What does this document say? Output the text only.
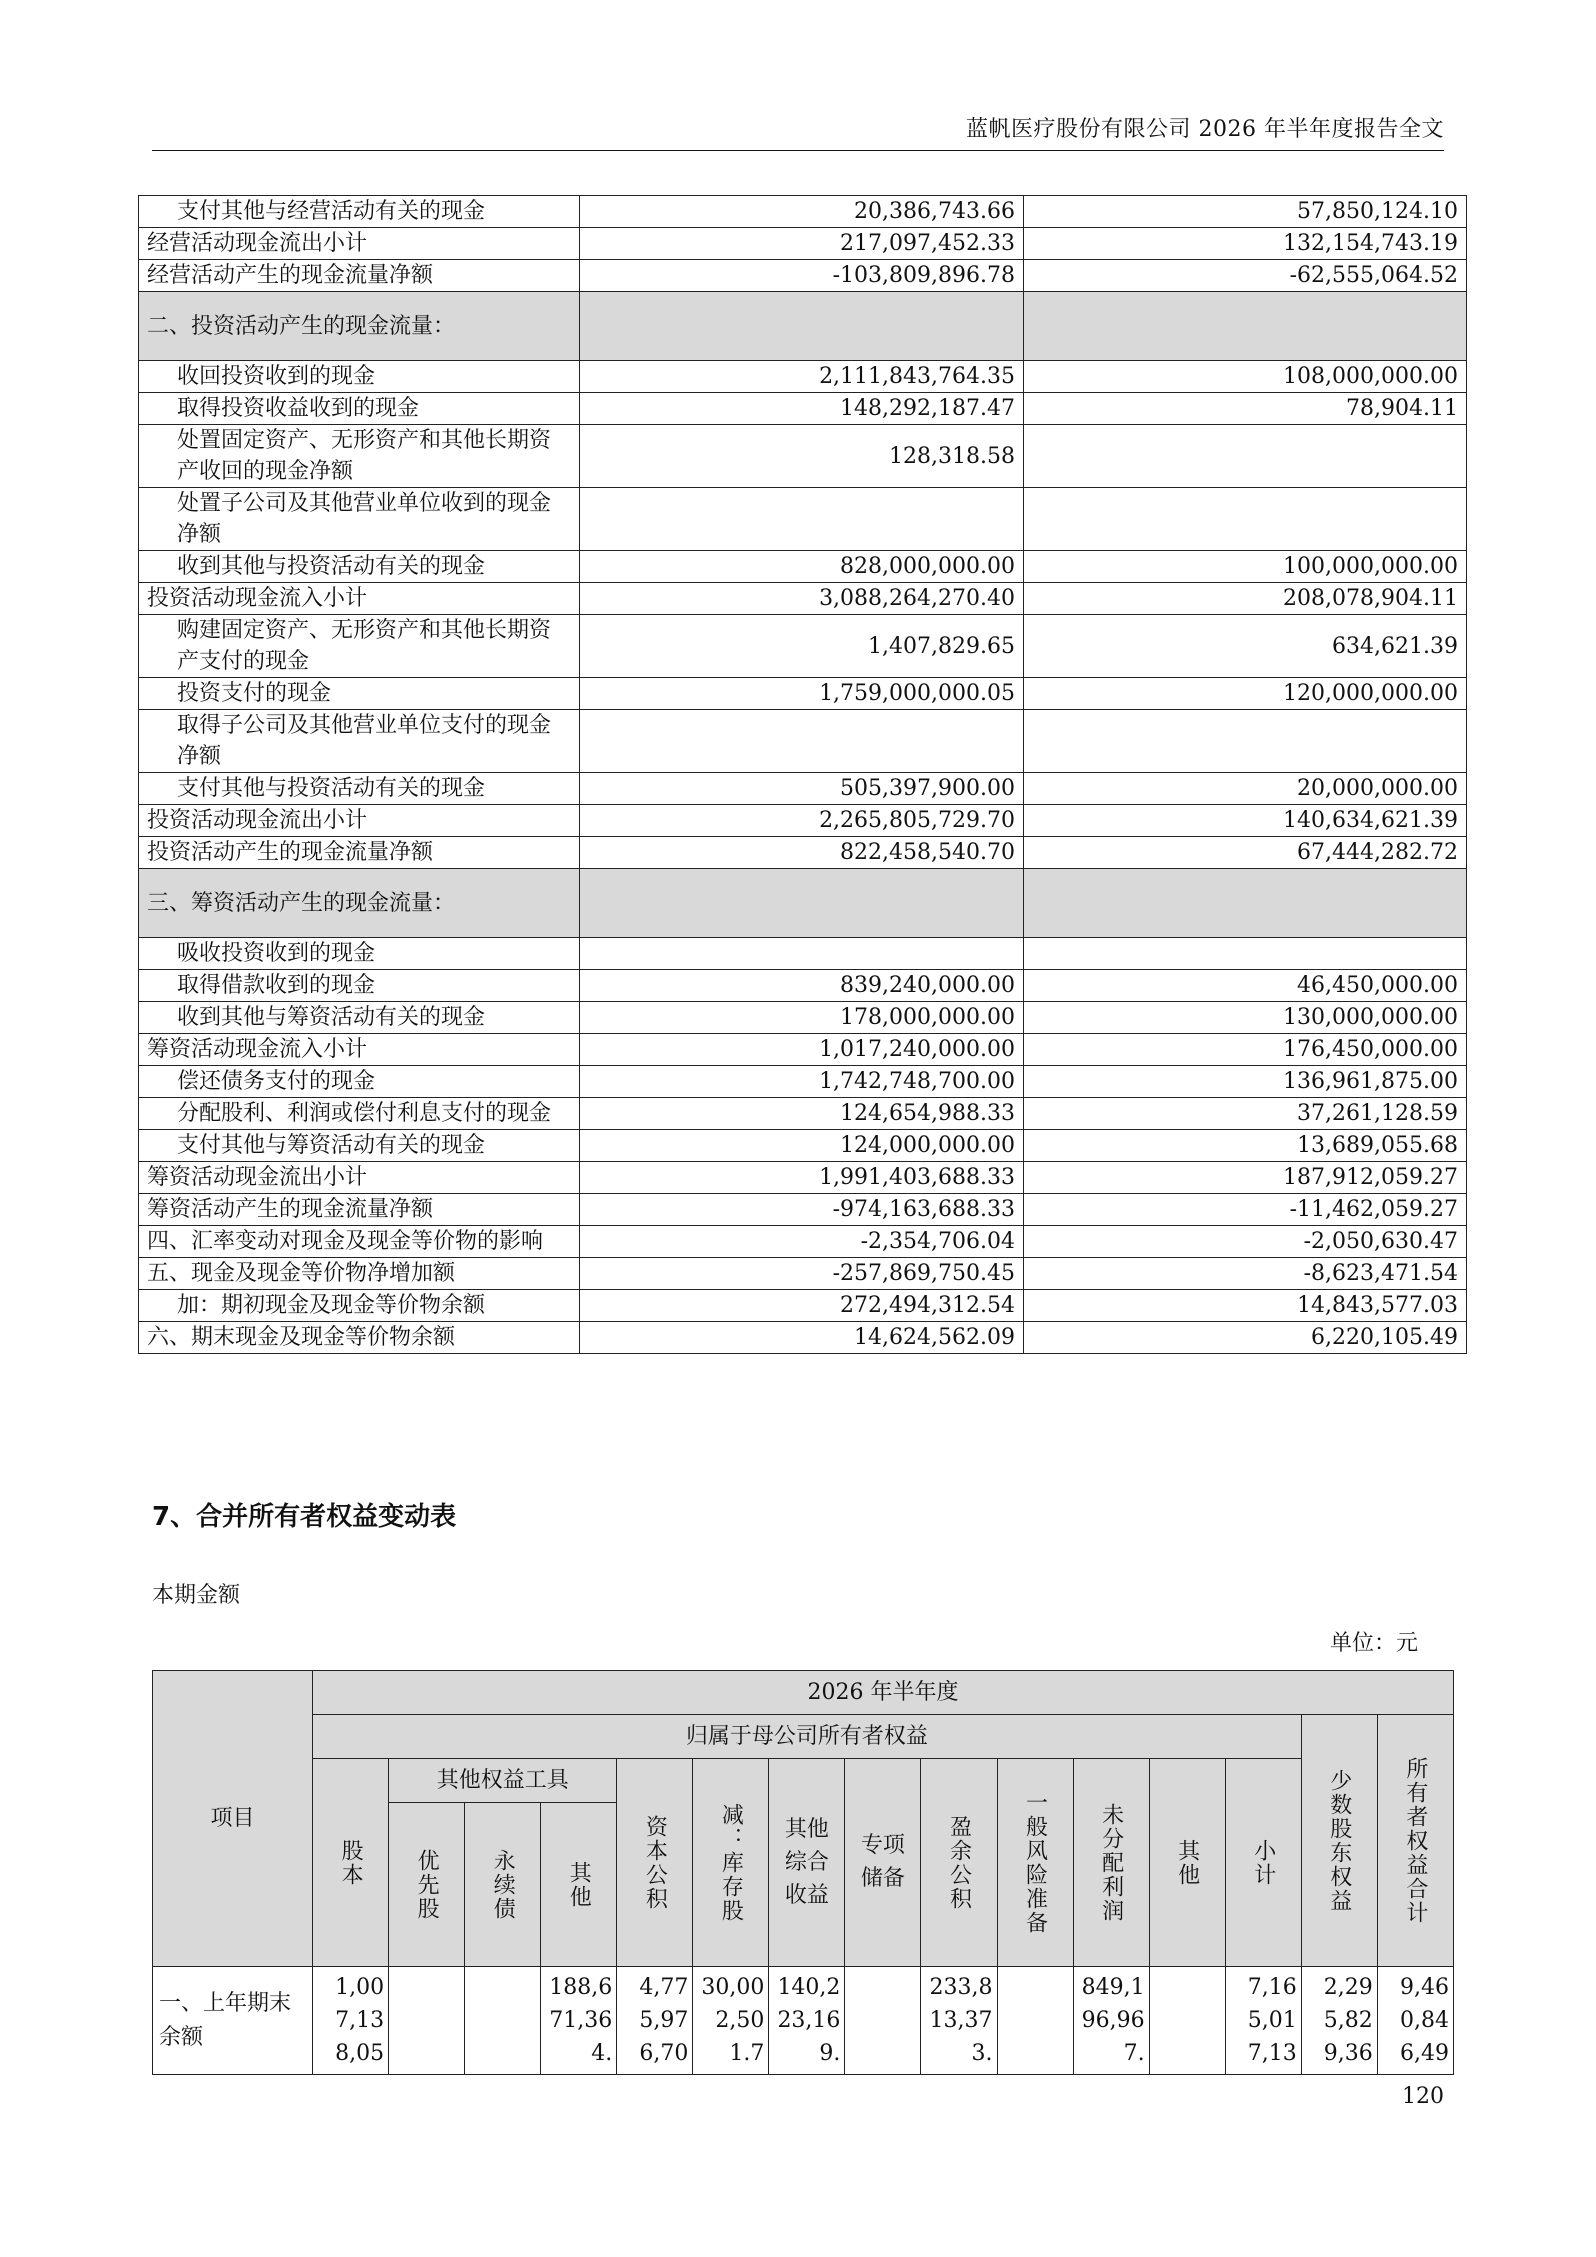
蓝帆医疗股份有限公司 2026 年半年度报告全文
支付其他与经营活动有关的现金	20,386,743.66	57,850,124.10
经营活动现金流出小计	217,097,452.33	132,154,743.19
经营活动产生的现金流量净额	-103,809,896.78	-62,555,064.52
二、投资活动产生的现金流量：		
收回投资收到的现金	2,111,843,764.35	108,000,000.00
取得投资收益收到的现金	148,292,187.47	78,904.11
处置固定资产、无形资产和其他长期资产收回的现金净额	128,318.58	
处置子公司及其他营业单位收到的现金净额		
收到其他与投资活动有关的现金	828,000,000.00	100,000,000.00
投资活动现金流入小计	3,088,264,270.40	208,078,904.11
购建固定资产、无形资产和其他长期资产支付的现金	1,407,829.65	634,621.39
投资支付的现金	1,759,000,000.05	120,000,000.00
取得子公司及其他营业单位支付的现金净额		
支付其他与投资活动有关的现金	505,397,900.00	20,000,000.00
投资活动现金流出小计	2,265,805,729.70	140,634,621.39
投资活动产生的现金流量净额	822,458,540.70	67,444,282.72
三、筹资活动产生的现金流量：		
吸收投资收到的现金		
取得借款收到的现金	839,240,000.00	46,450,000.00
收到其他与筹资活动有关的现金	178,000,000.00	130,000,000.00
筹资活动现金流入小计	1,017,240,000.00	176,450,000.00
偿还债务支付的现金	1,742,748,700.00	136,961,875.00
分配股利、利润或偿付利息支付的现金	124,654,988.33	37,261,128.59
支付其他与筹资活动有关的现金	124,000,000.00	13,689,055.68
筹资活动现金流出小计	1,991,403,688.33	187,912,059.27
筹资活动产生的现金流量净额	-974,163,688.33	-11,462,059.27
四、汇率变动对现金及现金等价物的影响	-2,354,706.04	-2,050,630.47
五、现金及现金等价物净增加额	-257,869,750.45	-8,623,471.54
加：期初现金及现金等价物余额	272,494,312.54	14,843,577.03
六、期末现金及现金等价物余额	14,624,562.09	6,220,105.49
7、合并所有者权益变动表
本期金额
单位：元
项目	2026 年半年度														
	归属于母公司所有者权益													少数股东权益	所有者权益合计
	股本	其他权益工具			资本公积	减：库存股	其他综合收益	专项储备	盈余公积	一般风险准备	未分配利润	其他	小计		
		优先股	永续债	其他											
一、上年期末余额	1,007,138,05			188,671,364.	4,775,976,70	30,002,501.7	140,223,169.		233,813,373.		849,196,967.		7,165,017,13	2,295,829,36	9,460,846,49
120
